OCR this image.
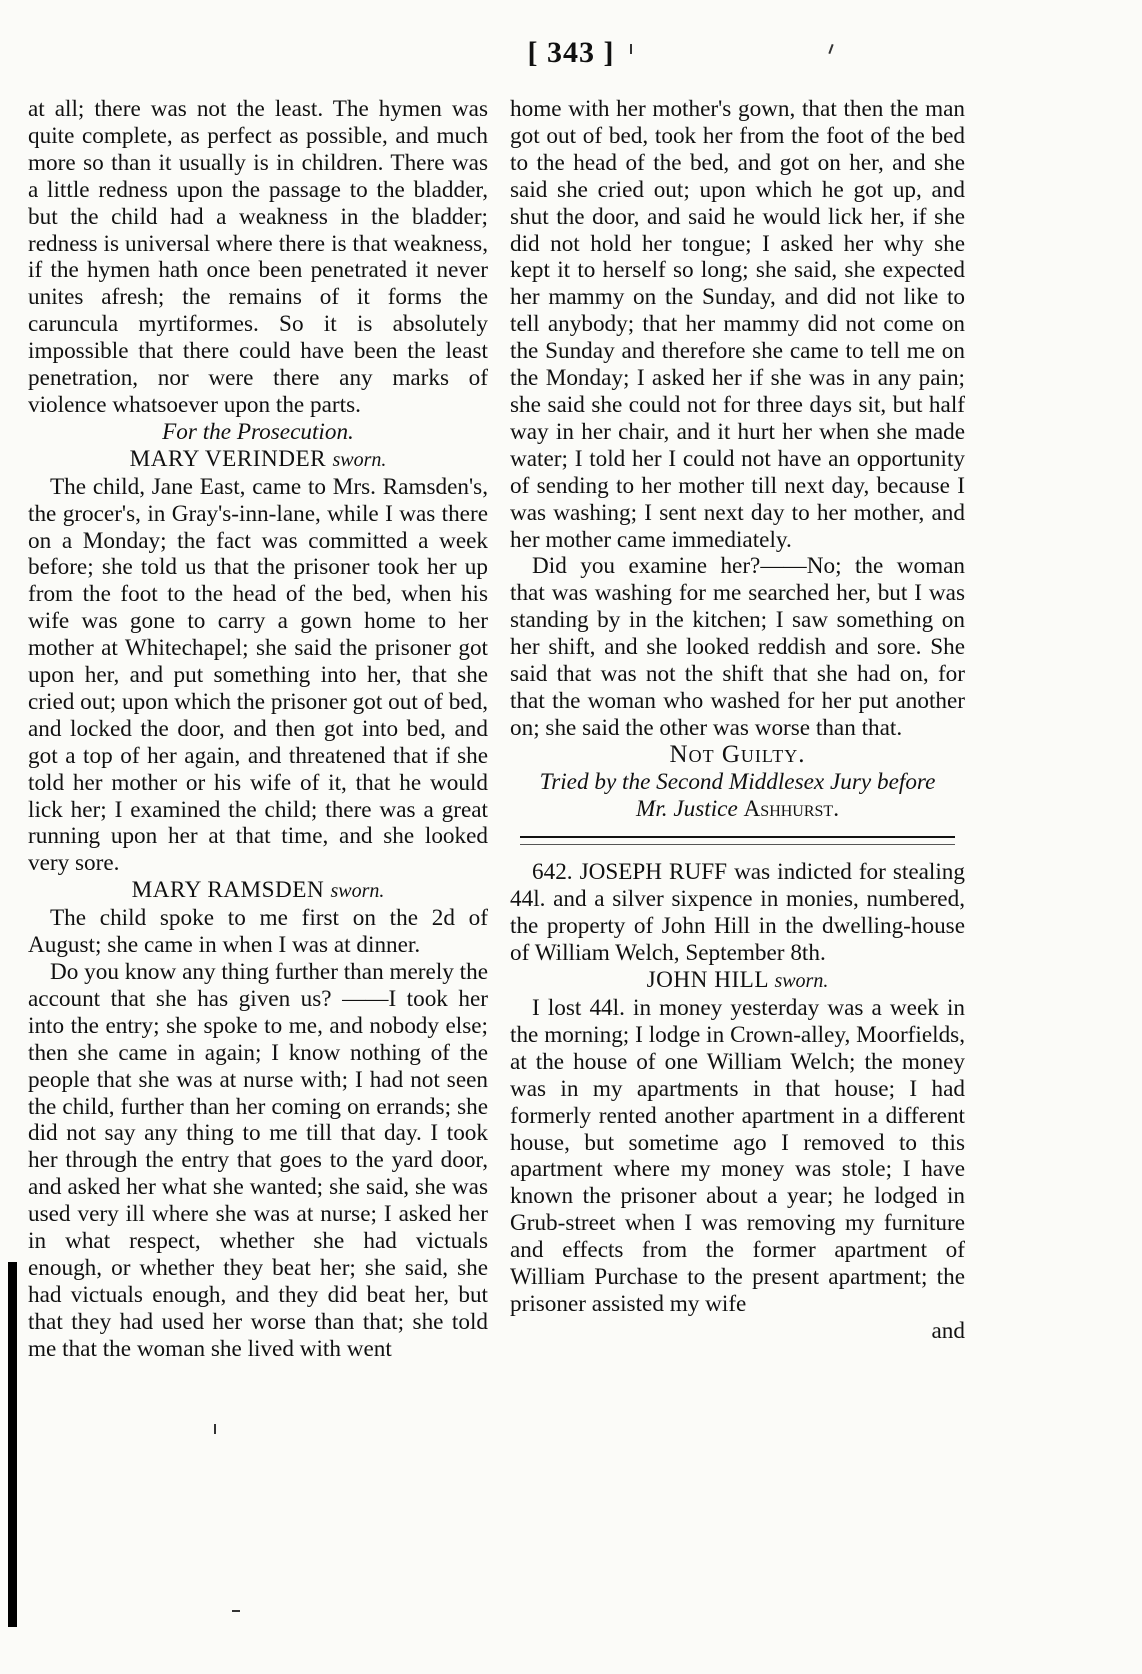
[ 343 ]

at all; there was not the least. The hymen was quite complete, as perfect as possible, and much more so than it usually is in children. There was a little redness upon the passage to the bladder, but the child had a weakness in the bladder; redness is universal where there is that weakness, if the hymen hath once been penetrated it never unites afresh; the remains of it forms the caruncula myrtiformes. So it is absolutely impossible that there could have been the least penetration, nor were there any marks of violence whatsoever upon the parts.

For the Prosecution.

MARY VERINDER sworn.

The child, Jane East, came to Mrs. Ramsden's, the grocer's, in Gray's-inn-lane, while I was there on a Monday; the fact was committed a week before; she told us that the prisoner took her up from the foot to the head of the bed, when his wife was gone to carry a gown home to her mother at Whitechapel; she said the prisoner got upon her, and put something into her, that she cried out; upon which the prisoner got out of bed, and locked the door, and then got into bed, and got a top of her again, and threatened that if she told her mother or his wife of it, that he would lick her; I examined the child; there was a great running upon her at that time, and she looked very sore.

MARY RAMSDEN sworn.

The child spoke to me first on the 2d of August; she came in when I was at dinner.

Do you know any thing further than merely the account that she has given us? ——I took her into the entry; she spoke to me, and nobody else; then she came in again; I know nothing of the people that she was at nurse with; I had not seen the child, further than her coming on errands; she did not say any thing to me till that day. I took her through the entry that goes to the yard door, and asked her what she wanted; she said, she was used very ill where she was at nurse; I asked her in what respect, whether she had victuals enough, or whether they beat her; she said, she had victuals enough, and they did beat her, but that they had used her worse than that; she told me that the woman she lived with went

home with her mother's gown, that then the man got out of bed, took her from the foot of the bed to the head of the bed, and got on her, and she said she cried out; upon which he got up, and shut the door, and said he would lick her, if she did not hold her tongue; I asked her why she kept it to herself so long; she said, she expected her mammy on the Sunday, and did not like to tell anybody; that her mammy did not come on the Sunday and therefore she came to tell me on the Monday; I asked her if she was in any pain; she said she could not for three days sit, but half way in her chair, and it hurt her when she made water; I told her I could not have an opportunity of sending to her mother till next day, because I was washing; I sent next day to her mother, and her mother came immediately.

Did you examine her?——No; the woman that was washing for me searched her, but I was standing by in the kitchen; I saw something on her shift, and she looked reddish and sore. She said that was not the shift that she had on, for that the woman who washed for her put another on; she said the other was worse than that.

Not Guilty.

Tried by the Second Middlesex Jury before

Mr. Justice Ashhurst.

642. JOSEPH RUFF was indicted for stealing 44l. and a silver sixpence in monies, numbered, the property of John Hill in the dwelling-house of William Welch, September 8th.

JOHN HILL sworn.

I lost 44l. in money yesterday was a week in the morning; I lodge in Crown-alley, Moorfields, at the house of one William Welch; the money was in my apartments in that house; I had formerly rented another apartment in a different house, but sometime ago I removed to this apartment where my money was stole; I have known the prisoner about a year; he lodged in Grub-street when I was removing my furniture and effects from the former apartment of William Purchase to the present apartment; the prisoner assisted my wife

and
